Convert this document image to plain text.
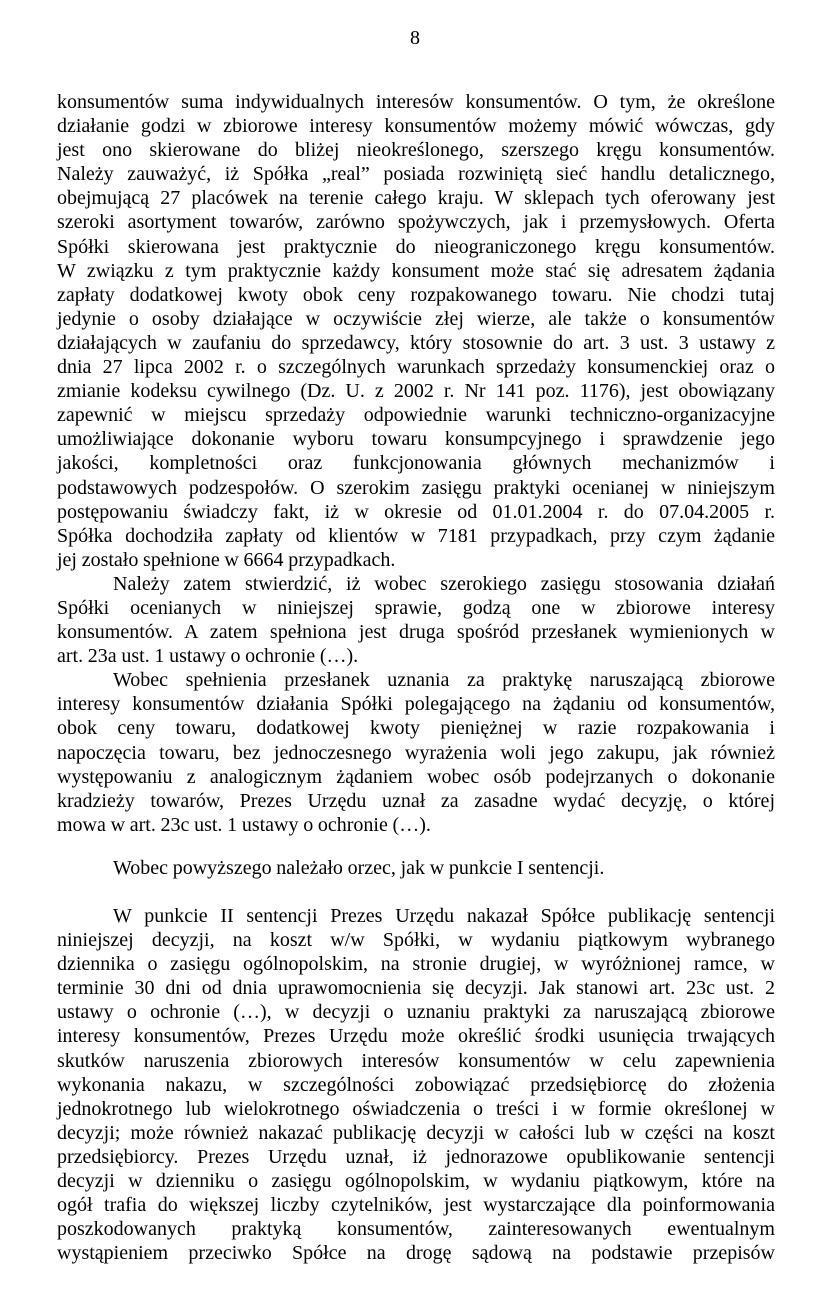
8
konsumentów suma indywidualnych interesów konsumentów. O tym, że określone
działanie godzi w zbiorowe interesy konsumentów możemy mówić wówczas, gdy
jest ono skierowane do bliżej nieokreślonego, szerszego kręgu konsumentów.
Należy zauważyć, iż Spółka „real” posiada rozwiniętą sieć handlu detalicznego,
obejmującą 27 placówek na terenie całego kraju. W sklepach tych oferowany jest
szeroki asortyment towarów, zarówno spożywczych, jak i przemysłowych. Oferta
Spółki skierowana jest praktycznie do nieograniczonego kręgu konsumentów.
W związku z tym praktycznie każdy konsument może stać się adresatem żądania
zapłaty dodatkowej kwoty obok ceny rozpakowanego towaru. Nie chodzi tutaj
jedynie o osoby działające w oczywiście złej wierze, ale także o konsumentów
działających w zaufaniu do sprzedawcy, który stosownie do art. 3 ust. 3 ustawy z
dnia 27 lipca 2002 r. o szczególnych warunkach sprzedaży konsumenckiej oraz o
zmianie kodeksu cywilnego (Dz. U. z 2002 r. Nr 141 poz. 1176), jest obowiązany
zapewnić w miejscu sprzedaży odpowiednie warunki techniczno-organizacyjne
umożliwiające dokonanie wyboru towaru konsumpcyjnego i sprawdzenie jego
jakości, kompletności oraz funkcjonowania głównych mechanizmów i
podstawowych podzespołów. O szerokim zasięgu praktyki ocenianej w niniejszym
postępowaniu świadczy fakt, iż w okresie od 01.01.2004 r. do 07.04.2005 r.
Spółka dochodziła zapłaty od klientów w 7181 przypadkach, przy czym żądanie
jej zostało spełnione w 6664 przypadkach.
Należy zatem stwierdzić, iż wobec szerokiego zasięgu stosowania działań
Spółki ocenianych w niniejszej sprawie, godzą one w zbiorowe interesy
konsumentów. A zatem spełniona jest druga spośród przesłanek wymienionych w
art. 23a ust. 1 ustawy o ochronie (…).
Wobec spełnienia przesłanek uznania za praktykę naruszającą zbiorowe
interesy konsumentów działania Spółki polegającego na żądaniu od konsumentów,
obok ceny towaru, dodatkowej kwoty pieniężnej w razie rozpakowania i
napoczęcia towaru, bez jednoczesnego wyrażenia woli jego zakupu, jak również
występowaniu z analogicznym żądaniem wobec osób podejrzanych o dokonanie
kradzieży towarów, Prezes Urzędu uznał za zasadne wydać decyzję, o której
mowa w art. 23c ust. 1 ustawy o ochronie (…).
Wobec powyższego należało orzec, jak w punkcie I sentencji.
W punkcie II sentencji Prezes Urzędu nakazał Spółce publikację sentencji
niniejszej decyzji, na koszt w/w Spółki, w wydaniu piątkowym wybranego
dziennika o zasięgu ogólnopolskim, na stronie drugiej, w wyróżnionej ramce, w
terminie 30 dni od dnia uprawomocnienia się decyzji. Jak stanowi art. 23c ust. 2
ustawy o ochronie (…), w decyzji o uznaniu praktyki za naruszającą zbiorowe
interesy konsumentów, Prezes Urzędu może określić środki usunięcia trwających
skutków naruszenia zbiorowych interesów konsumentów w celu zapewnienia
wykonania nakazu, w szczególności zobowiązać przedsiębiorcę do złożenia
jednokrotnego lub wielokrotnego oświadczenia o treści i w formie określonej w
decyzji; może również nakazać publikację decyzji w całości lub w części na koszt
przedsiębiorcy. Prezes Urzędu uznał, iż jednorazowe opublikowanie sentencji
decyzji w dzienniku o zasięgu ogólnopolskim, w wydaniu piątkowym, które na
ogół trafia do większej liczby czytelników, jest wystarczające dla poinformowania
poszkodowanych praktyką konsumentów, zainteresowanych ewentualnym
wystąpieniem przeciwko Spółce na drogę sądową na podstawie przepisów
